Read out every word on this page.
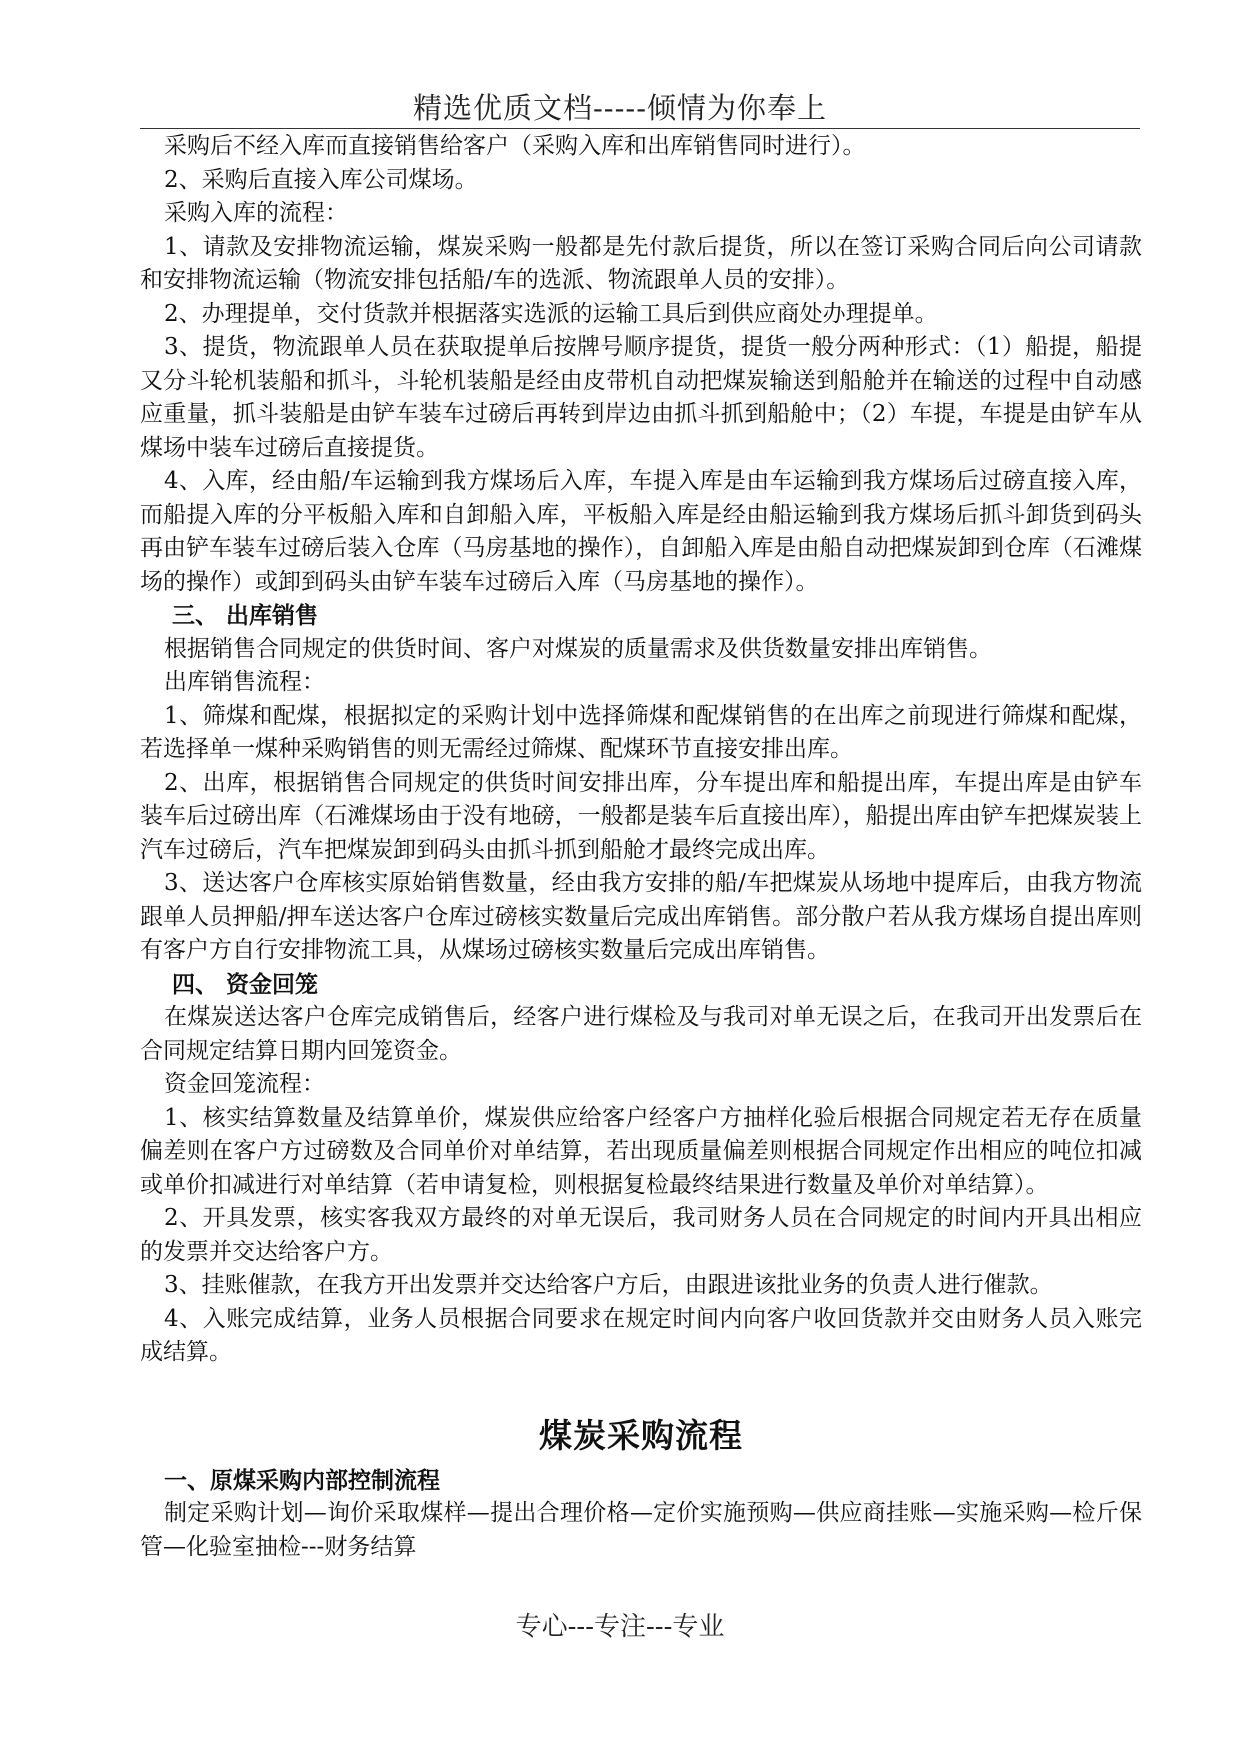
精选优质文档-----倾情为你奉上

采购后不经入库而直接销售给客户（采购入库和出库销售同时进行）。

2、采购后直接入库公司煤场。

采购入库的流程：

1、请款及安排物流运输，煤炭采购一般都是先付款后提货，所以在签订采购合同后向公司请款和安排物流运输（物流安排包括船/车的选派、物流跟单人员的安排）。

2、办理提单，交付货款并根据落实选派的运输工具后到供应商处办理提单。

3、提货，物流跟单人员在获取提单后按牌号顺序提货，提货一般分两种形式：（1）船提，船提又分斗轮机装船和抓斗，斗轮机装船是经由皮带机自动把煤炭输送到船舱并在输送的过程中自动感应重量，抓斗装船是由铲车装车过磅后再转到岸边由抓斗抓到船舱中；（2）车提，车提是由铲车从煤场中装车过磅后直接提货。

4、入库，经由船/车运输到我方煤场后入库，车提入库是由车运输到我方煤场后过磅直接入库，而船提入库的分平板船入库和自卸船入库，平板船入库是经由船运输到我方煤场后抓斗卸货到码头再由铲车装车过磅后装入仓库（马房基地的操作），自卸船入库是由船自动把煤炭卸到仓库（石滩煤场的操作）或卸到码头由铲车装车过磅后入库（马房基地的操作）。

三、 出库销售

根据销售合同规定的供货时间、客户对煤炭的质量需求及供货数量安排出库销售。

出库销售流程：

1、筛煤和配煤，根据拟定的采购计划中选择筛煤和配煤销售的在出库之前现进行筛煤和配煤，若选择单一煤种采购销售的则无需经过筛煤、配煤环节直接安排出库。

2、出库，根据销售合同规定的供货时间安排出库，分车提出库和船提出库，车提出库是由铲车装车后过磅出库（石滩煤场由于没有地磅，一般都是装车后直接出库），船提出库由铲车把煤炭装上汽车过磅后，汽车把煤炭卸到码头由抓斗抓到船舱才最终完成出库。

3、送达客户仓库核实原始销售数量，经由我方安排的船/车把煤炭从场地中提库后，由我方物流跟单人员押船/押车送达客户仓库过磅核实数量后完成出库销售。部分散户若从我方煤场自提出库则有客户方自行安排物流工具，从煤场过磅核实数量后完成出库销售。

四、 资金回笼

在煤炭送达客户仓库完成销售后，经客户进行煤检及与我司对单无误之后，在我司开出发票后在合同规定结算日期内回笼资金。

资金回笼流程：

1、核实结算数量及结算单价，煤炭供应给客户经客户方抽样化验后根据合同规定若无存在质量偏差则在客户方过磅数及合同单价对单结算，若出现质量偏差则根据合同规定作出相应的吨位扣减或单价扣减进行对单结算（若申请复检，则根据复检最终结果进行数量及单价对单结算）。

2、开具发票，核实客我双方最终的对单无误后，我司财务人员在合同规定的时间内开具出相应的发票并交达给客户方。

3、挂账催款，在我方开出发票并交达给客户方后，由跟进该批业务的负责人进行催款。

4、入账完成结算，业务人员根据合同要求在规定时间内向客户收回货款并交由财务人员入账完成结算。

煤炭采购流程

一、原煤采购内部控制流程

制定采购计划—询价采取煤样—提出合理价格—定价实施预购—供应商挂账—实施采购—检斤保管—化验室抽检---财务结算

专心---专注---专业
